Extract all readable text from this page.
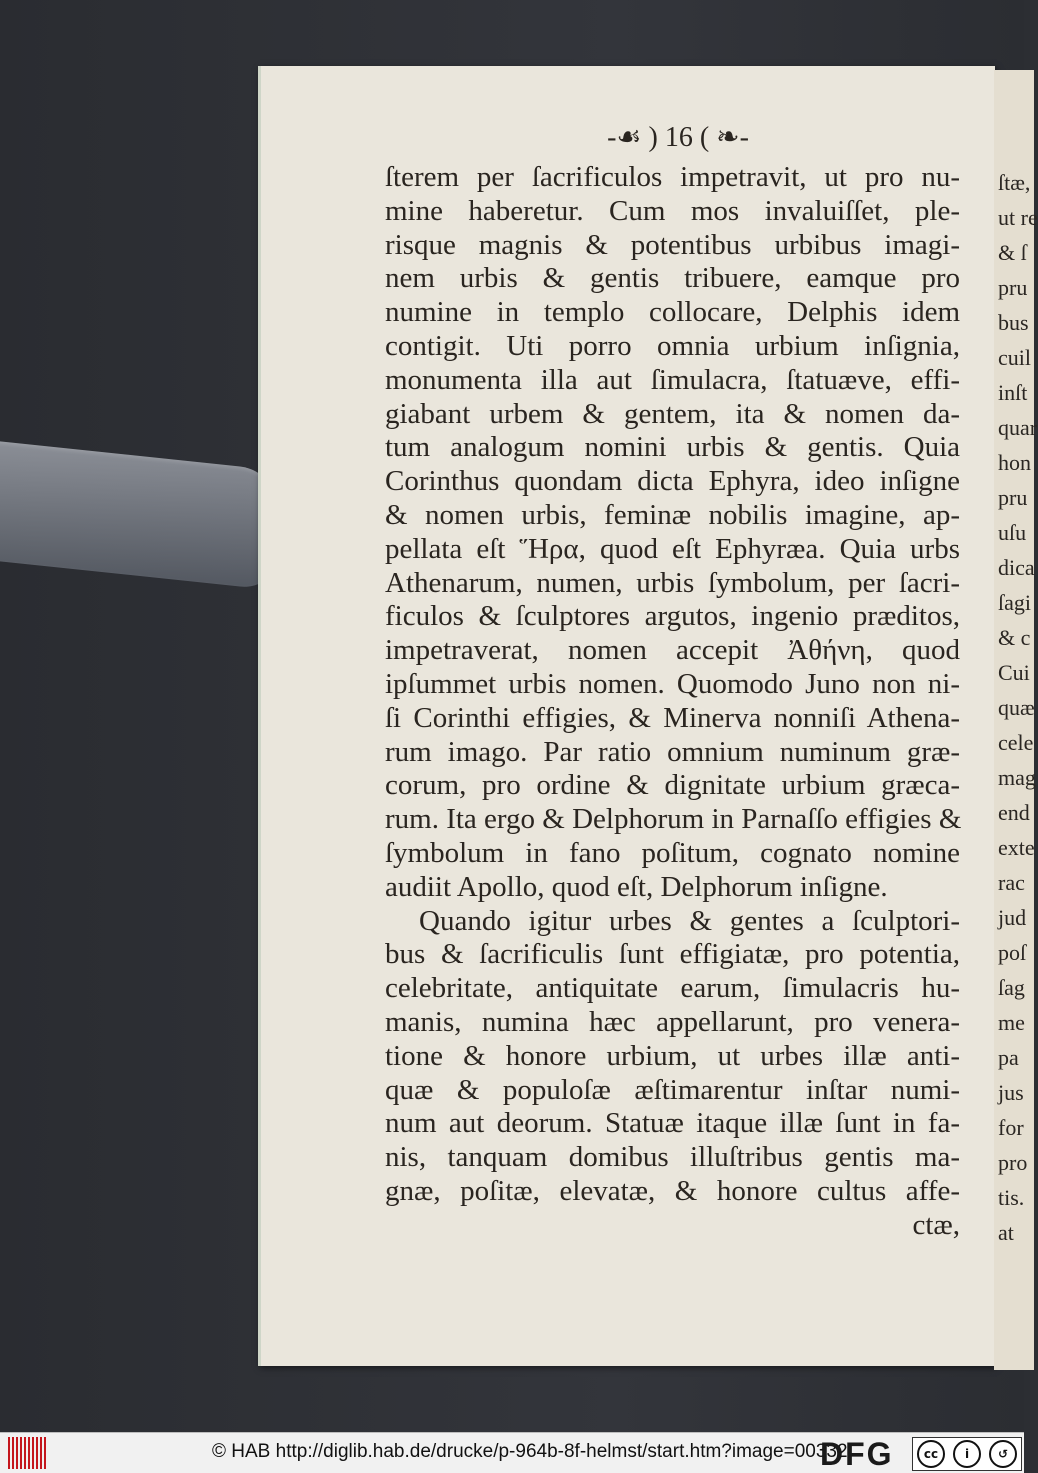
ſtæ,
ut re
& ſ
pru
bus
cuil
inſt
quar
hon
pru
uſu
dica
ſagi
& c
Cui
quæ
cele
mag
end
exte
rac
jud
poſ
ſag
me
pa
jus
for
pro
tis.
at
-☙ ) 16 ( ❧-
ſterem per ſacrificulos impetravit, ut pro nu-
mine haberetur. Cum mos invaluiſſet, ple-
risque magnis & potentibus urbibus imagi-
nem urbis & gentis tribuere, eamque pro
numine in templo collocare, Delphis idem
contigit. Uti porro omnia urbium inſignia,
monumenta illa aut ſimulacra, ſtatuæve, effi-
giabant urbem & gentem, ita & nomen da-
tum analogum nomini urbis & gentis. Quia
Corinthus quondam dicta Ephyra, ideo inſigne
& nomen urbis, feminæ nobilis imagine, ap-
pellata eſt Ἥρα, quod eſt Ephyræa. Quia urbs
Athenarum, numen, urbis ſymbolum, per ſacri-
ficulos & ſculptores argutos, ingenio præditos,
impetraverat, nomen accepit Ἀθήνη, quod
ipſummet urbis nomen. Quomodo Juno non ni-
ſi Corinthi effigies, & Minerva nonniſi Athena-
rum imago. Par ratio omnium numinum græ-
corum, pro ordine & dignitate urbium græca-
rum. Ita ergo & Delphorum in Parnaſſo effigies &
ſymbolum in fano poſitum, cognato nomine
audiit Apollo, quod eſt, Delphorum inſigne.
Quando igitur urbes & gentes a ſculptori-
bus & ſacrificulis ſunt effigiatæ, pro potentia,
celebritate, antiquitate earum, ſimulacris hu-
manis, numina hæc appellarunt, pro venera-
tione & honore urbium, ut urbes illæ anti-
quæ & populoſæ æſtimarentur inſtar numi-
num aut deorum. Statuæ itaque illæ ſunt in fa-
nis, tanquam domibus illuſtribus gentis ma-
gnæ, poſitæ, elevatæ, & honore cultus affe-
ctæ,
© HAB http://diglib.hab.de/drucke/p-964b-8f-helmst/start.htm?image=00332
DFG	cc	i	↺
